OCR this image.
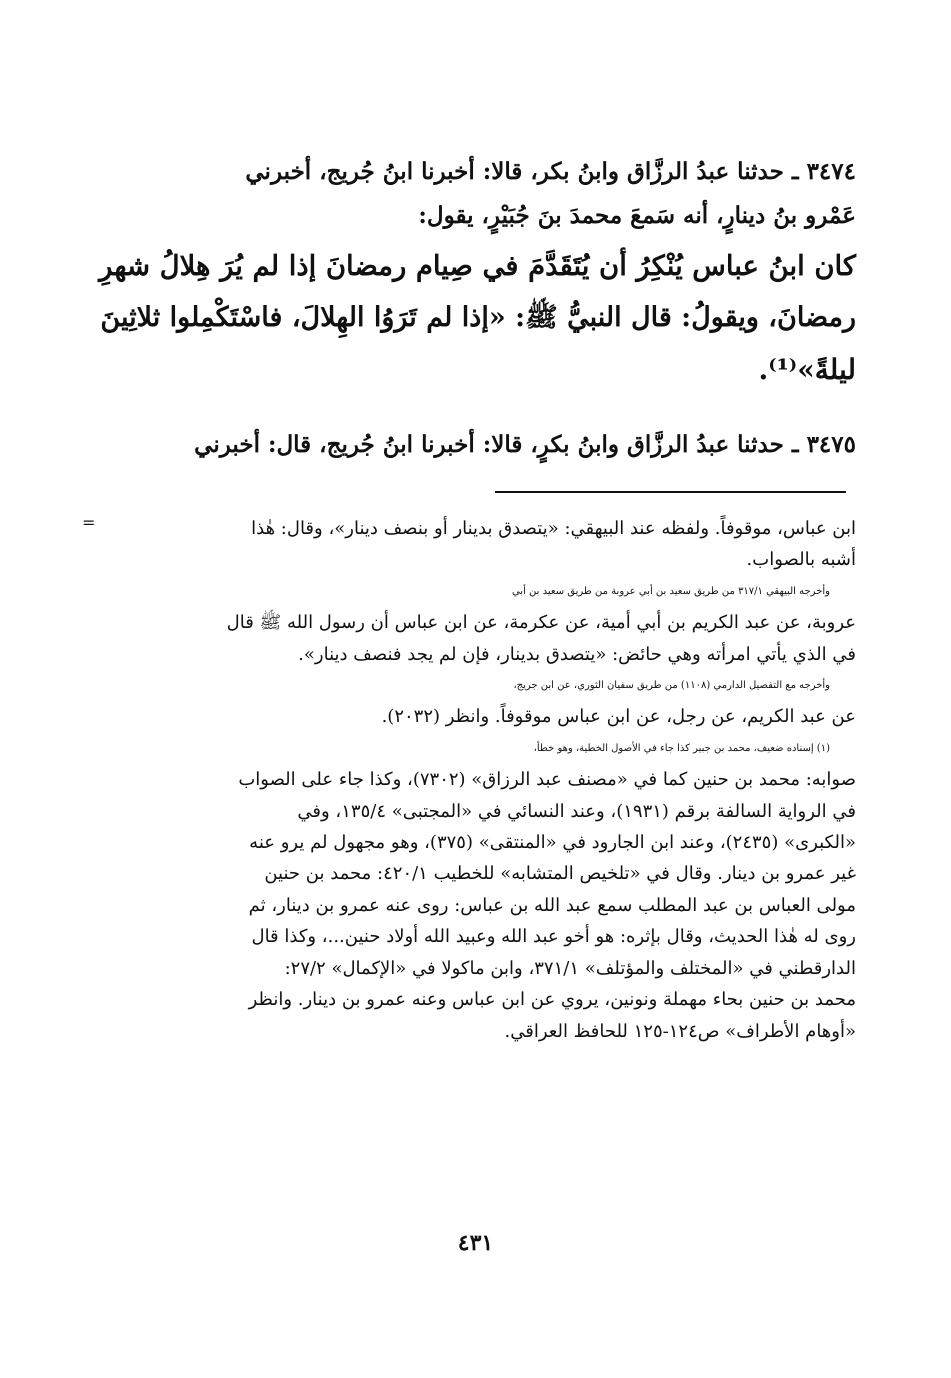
٣٤٧٤ ـ حدثنا عبدُ الرزَّاق وابنُ بكر، قالا: أخبرنا ابنُ جُريج، أخبرني

عَمْرو بنُ دينارٍ، أنه سَمعَ محمدَ بنَ جُبَيْرٍ، يقول:

كان ابنُ عباس يُنْكِرُ أن يُتَقَدَّمَ في صِيام رمضانَ إذا لم يُرَ هِلالُ شهرِ

رمضانَ، ويقولُ: قال النبيُّ ﷺ: «إذا لم تَرَوُا الهِلالَ، فاسْتَكْمِلوا ثلاثِينَ

ليلةً»⁽¹⁾.

٣٤٧٥ ـ حدثنا عبدُ الرزَّاق وابنُ بكرٍ، قالا: أخبرنا ابنُ جُريج، قال: أخبرني

=	ابن عباس، موقوفاً. ولفظه عند البيهقي: «يتصدق بدينار أو بنصف دينار»، وقال: هٰذا

أشبه بالصواب.

وأخرجه البيهقي ٣١٧/١ من طريق سعيد بن أبي عروبة من طريق سعيد بن أبي

عروبة، عن عبد الكريم بن أبي أمية، عن عكرمة، عن ابن عباس أن رسول الله ﷺ قال

في الذي يأتي امرأته وهي حائض: «يتصدق بدينار، فإن لم يجد فنصف دينار».

وأخرجه مع التفصيل الدارمي (١١٠٨) من طريق سفيان الثوري، عن ابن جريج،

عن عبد الكريم، عن رجل، عن ابن عباس موقوفاً. وانظر (٢٠٣٢).

(١) إسناده ضعيف، محمد بن جبير كذا جاء في الأصول الخطية، وهو خطأ،

صوابه: محمد بن حنين كما في «مصنف عبد الرزاق» (٧٣٠٢)، وكذا جاء على الصواب

في الرواية السالفة برقم (١٩٣١)، وعند النسائي في «المجتبى» ١٣٥/٤، وفي

«الكبرى» (٢٤٣٥)، وعند ابن الجارود في «المنتقى» (٣٧٥)، وهو مجهول لم يرو عنه

غير عمرو بن دينار. وقال في «تلخيص المتشابه» للخطيب ٤٢٠/١: محمد بن حنين

مولى العباس بن عبد المطلب سمع عبد الله بن عباس: روى عنه عمرو بن دينار، ثم

روى له هٰذا الحديث، وقال بإثره: هو أخو عبد الله وعبيد الله أولاد حنين...، وكذا قال

الدارقطني في «المختلف والمؤتلف» ٣٧١/١، وابن ماكولا في «الإكمال» ٢٧/٢:

محمد بن حنين بحاء مهملة ونونين، يروي عن ابن عباس وعنه عمرو بن دينار. وانظر

«أوهام الأطراف» ص١٢٤-١٢٥ للحافظ العراقي.

٤٣١
